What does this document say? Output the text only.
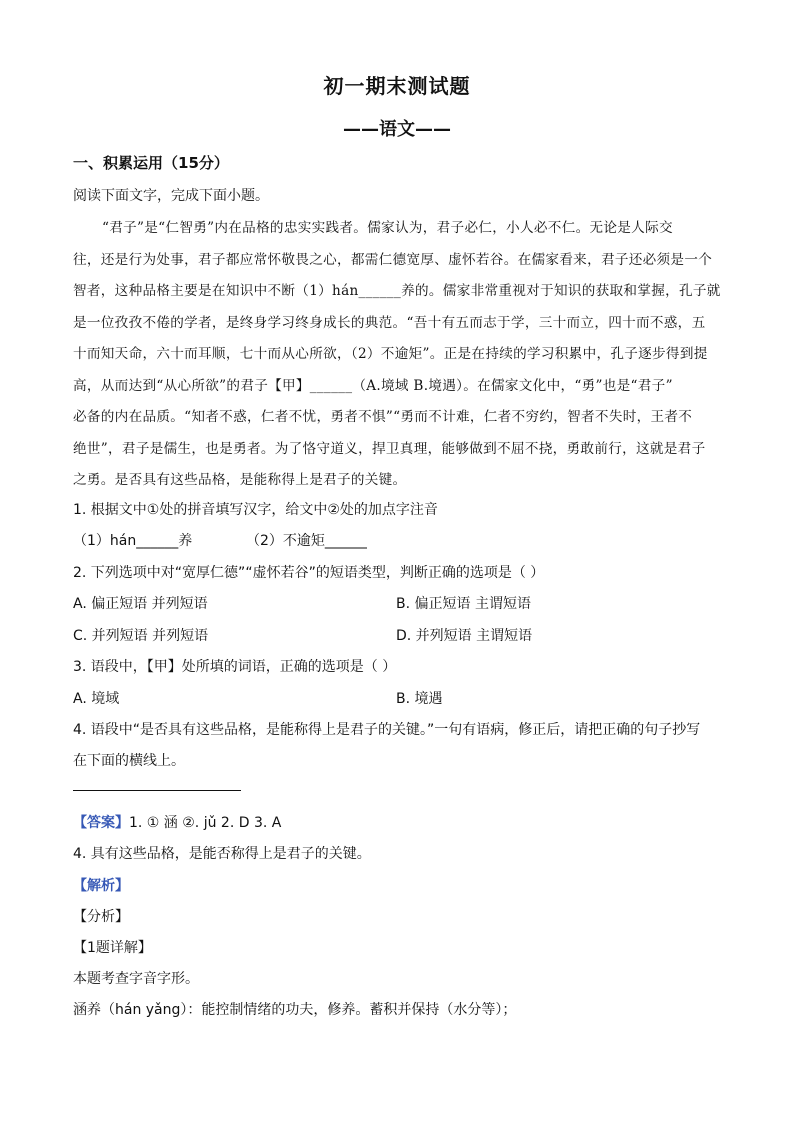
初一期末测试题
——语文——
一、积累运用（15分）
阅读下面文字，完成下面小题。
“君子”是“仁智勇”内在品格的忠实实践者。儒家认为，君子必仁，小人必不仁。无论是人际交
往，还是行为处事，君子都应常怀敬畏之心，都需仁德宽厚、虚怀若谷。在儒家看来，君子还必须是一个
智者，这种品格主要是在知识中不断（1）hán______养的。儒家非常重视对于知识的获取和掌握，孔子就
是一位孜孜不倦的学者，是终身学习终身成长的典范。“吾十有五而志于学，三十而立，四十而不惑，五
十而知天命，六十而耳顺，七十而从心所欲，（2）不逾矩”。正是在持续的学习积累中，孔子逐步得到提
高，从而达到“从心所欲”的君子【甲】______（A.境域 B.境遇）。在儒家文化中，“勇”也是“君子”
必备的内在品质。“知者不惑，仁者不忧，勇者不惧”“勇而不计难，仁者不穷约，智者不失时，王者不
绝世”，君子是儒生，也是勇者。为了恪守道义，捍卫真理，能够做到不屈不挠，勇敢前行，这就是君子
之勇。是否具有这些品格，是能称得上是君子的关键。
1. 根据文中①处的拼音填写汉字，给文中②处的加点字注音
（1）hán______养	（2）不逾矩______
2. 下列选项中对“宽厚仁德”“虚怀若谷”的短语类型，判断正确的选项是（ ）
A. 偏正短语 并列短语	B. 偏正短语 主谓短语
C. 并列短语 并列短语	D. 并列短语 主谓短语
3. 语段中，【甲】处所填的词语，正确的选项是（ ）
A. 境域	B. 境遇
4. 语段中“是否具有这些品格，是能称得上是君子的关键。”一句有语病，修正后，请把正确的句子抄写
在下面的横线上。
【答案】1. ① 涵 ②. jǔ 2. D 3. A
4. 具有这些品格，是能否称得上是君子的关键。
【解析】
【分析】
【1题详解】
本题考查字音字形。
涵养（hán yǎng）：能控制情绪的功夫，修养。蓄积并保持（水分等）；
